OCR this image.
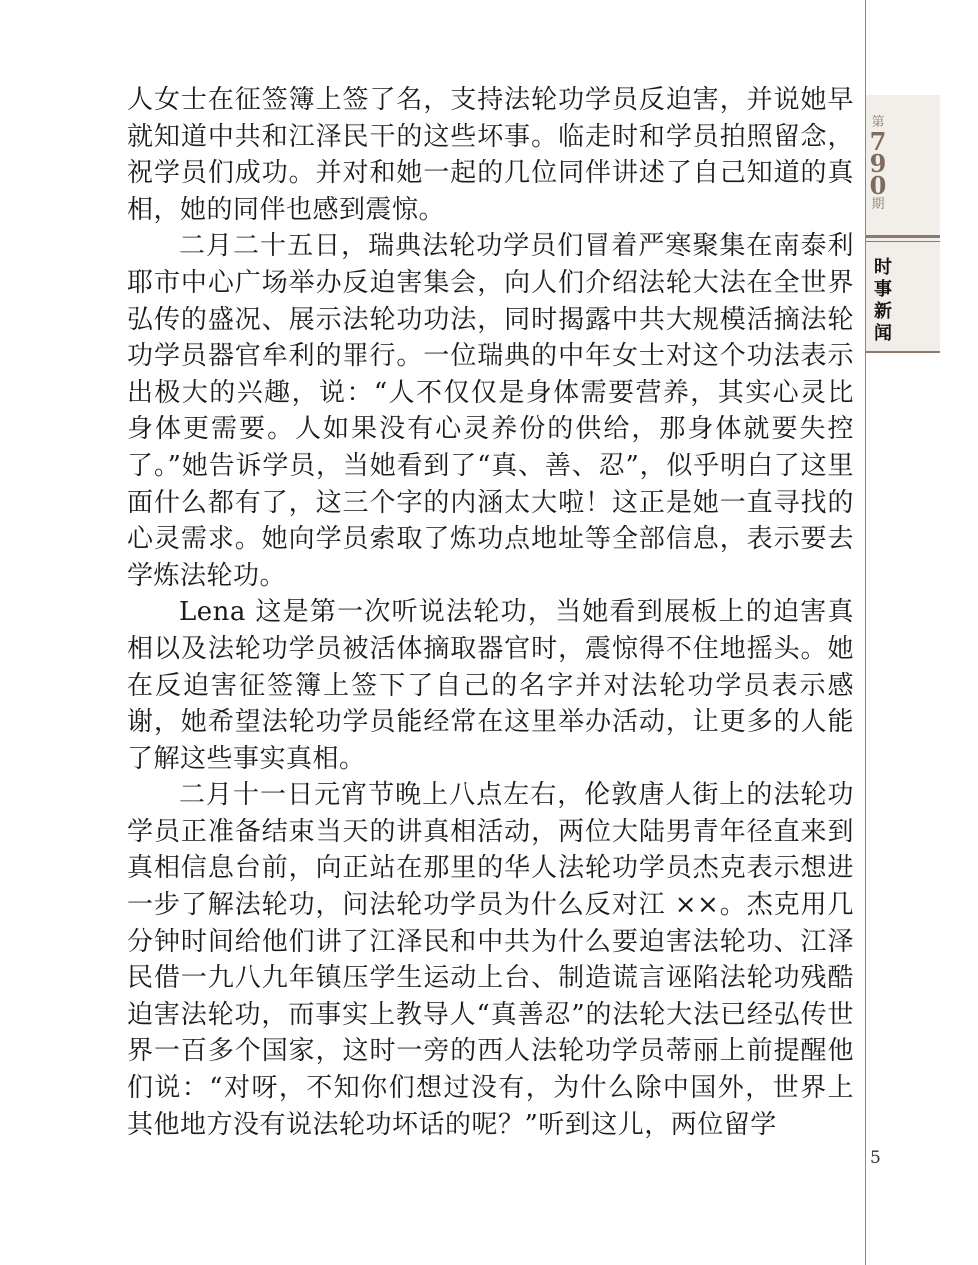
人女士在征签簿上签了名，支持法轮功学员反迫害，并说她早就知道中共和江泽民干的这些坏事。临走时和学员拍照留念，祝学员们成功。并对和她一起的几位同伴讲述了自己知道的真相，她的同伴也感到震惊。

二月二十五日，瑞典法轮功学员们冒着严寒聚集在南泰利耶市中心广场举办反迫害集会，向人们介绍法轮大法在全世界弘传的盛况、展示法轮功功法，同时揭露中共大规模活摘法轮功学员器官牟利的罪行。一位瑞典的中年女士对这个功法表示出极大的兴趣，说：“人不仅仅是身体需要营养，其实心灵比身体更需要。人如果没有心灵养份的供给，那身体就要失控了。”她告诉学员，当她看到了“真、善、忍”，似乎明白了这里面什么都有了，这三个字的内涵太大啦！这正是她一直寻找的心灵需求。她向学员索取了炼功点地址等全部信息，表示要去学炼法轮功。

Lena 这是第一次听说法轮功，当她看到展板上的迫害真相以及法轮功学员被活体摘取器官时，震惊得不住地摇头。她在反迫害征签簿上签下了自己的名字并对法轮功学员表示感谢，她希望法轮功学员能经常在这里举办活动，让更多的人能了解这些事实真相。

二月十一日元宵节晚上八点左右，伦敦唐人街上的法轮功学员正准备结束当天的讲真相活动，两位大陆男青年径直来到真相信息台前，向正站在那里的华人法轮功学员杰克表示想进一步了解法轮功，问法轮功学员为什么反对江 ××。杰克用几分钟时间给他们讲了江泽民和中共为什么要迫害法轮功、江泽民借一九八九年镇压学生运动上台、制造谎言诬陷法轮功残酷迫害法轮功，而事实上教导人“真善忍”的法轮大法已经弘传世界一百多个国家，这时一旁的西人法轮功学员蒂丽上前提醒他们说：“对呀，不知你们想过没有，为什么除中国外，世界上其他地方没有说法轮功坏话的呢？”听到这儿，两位留学

第
7
9
0
期
时
事
新
闻
5
